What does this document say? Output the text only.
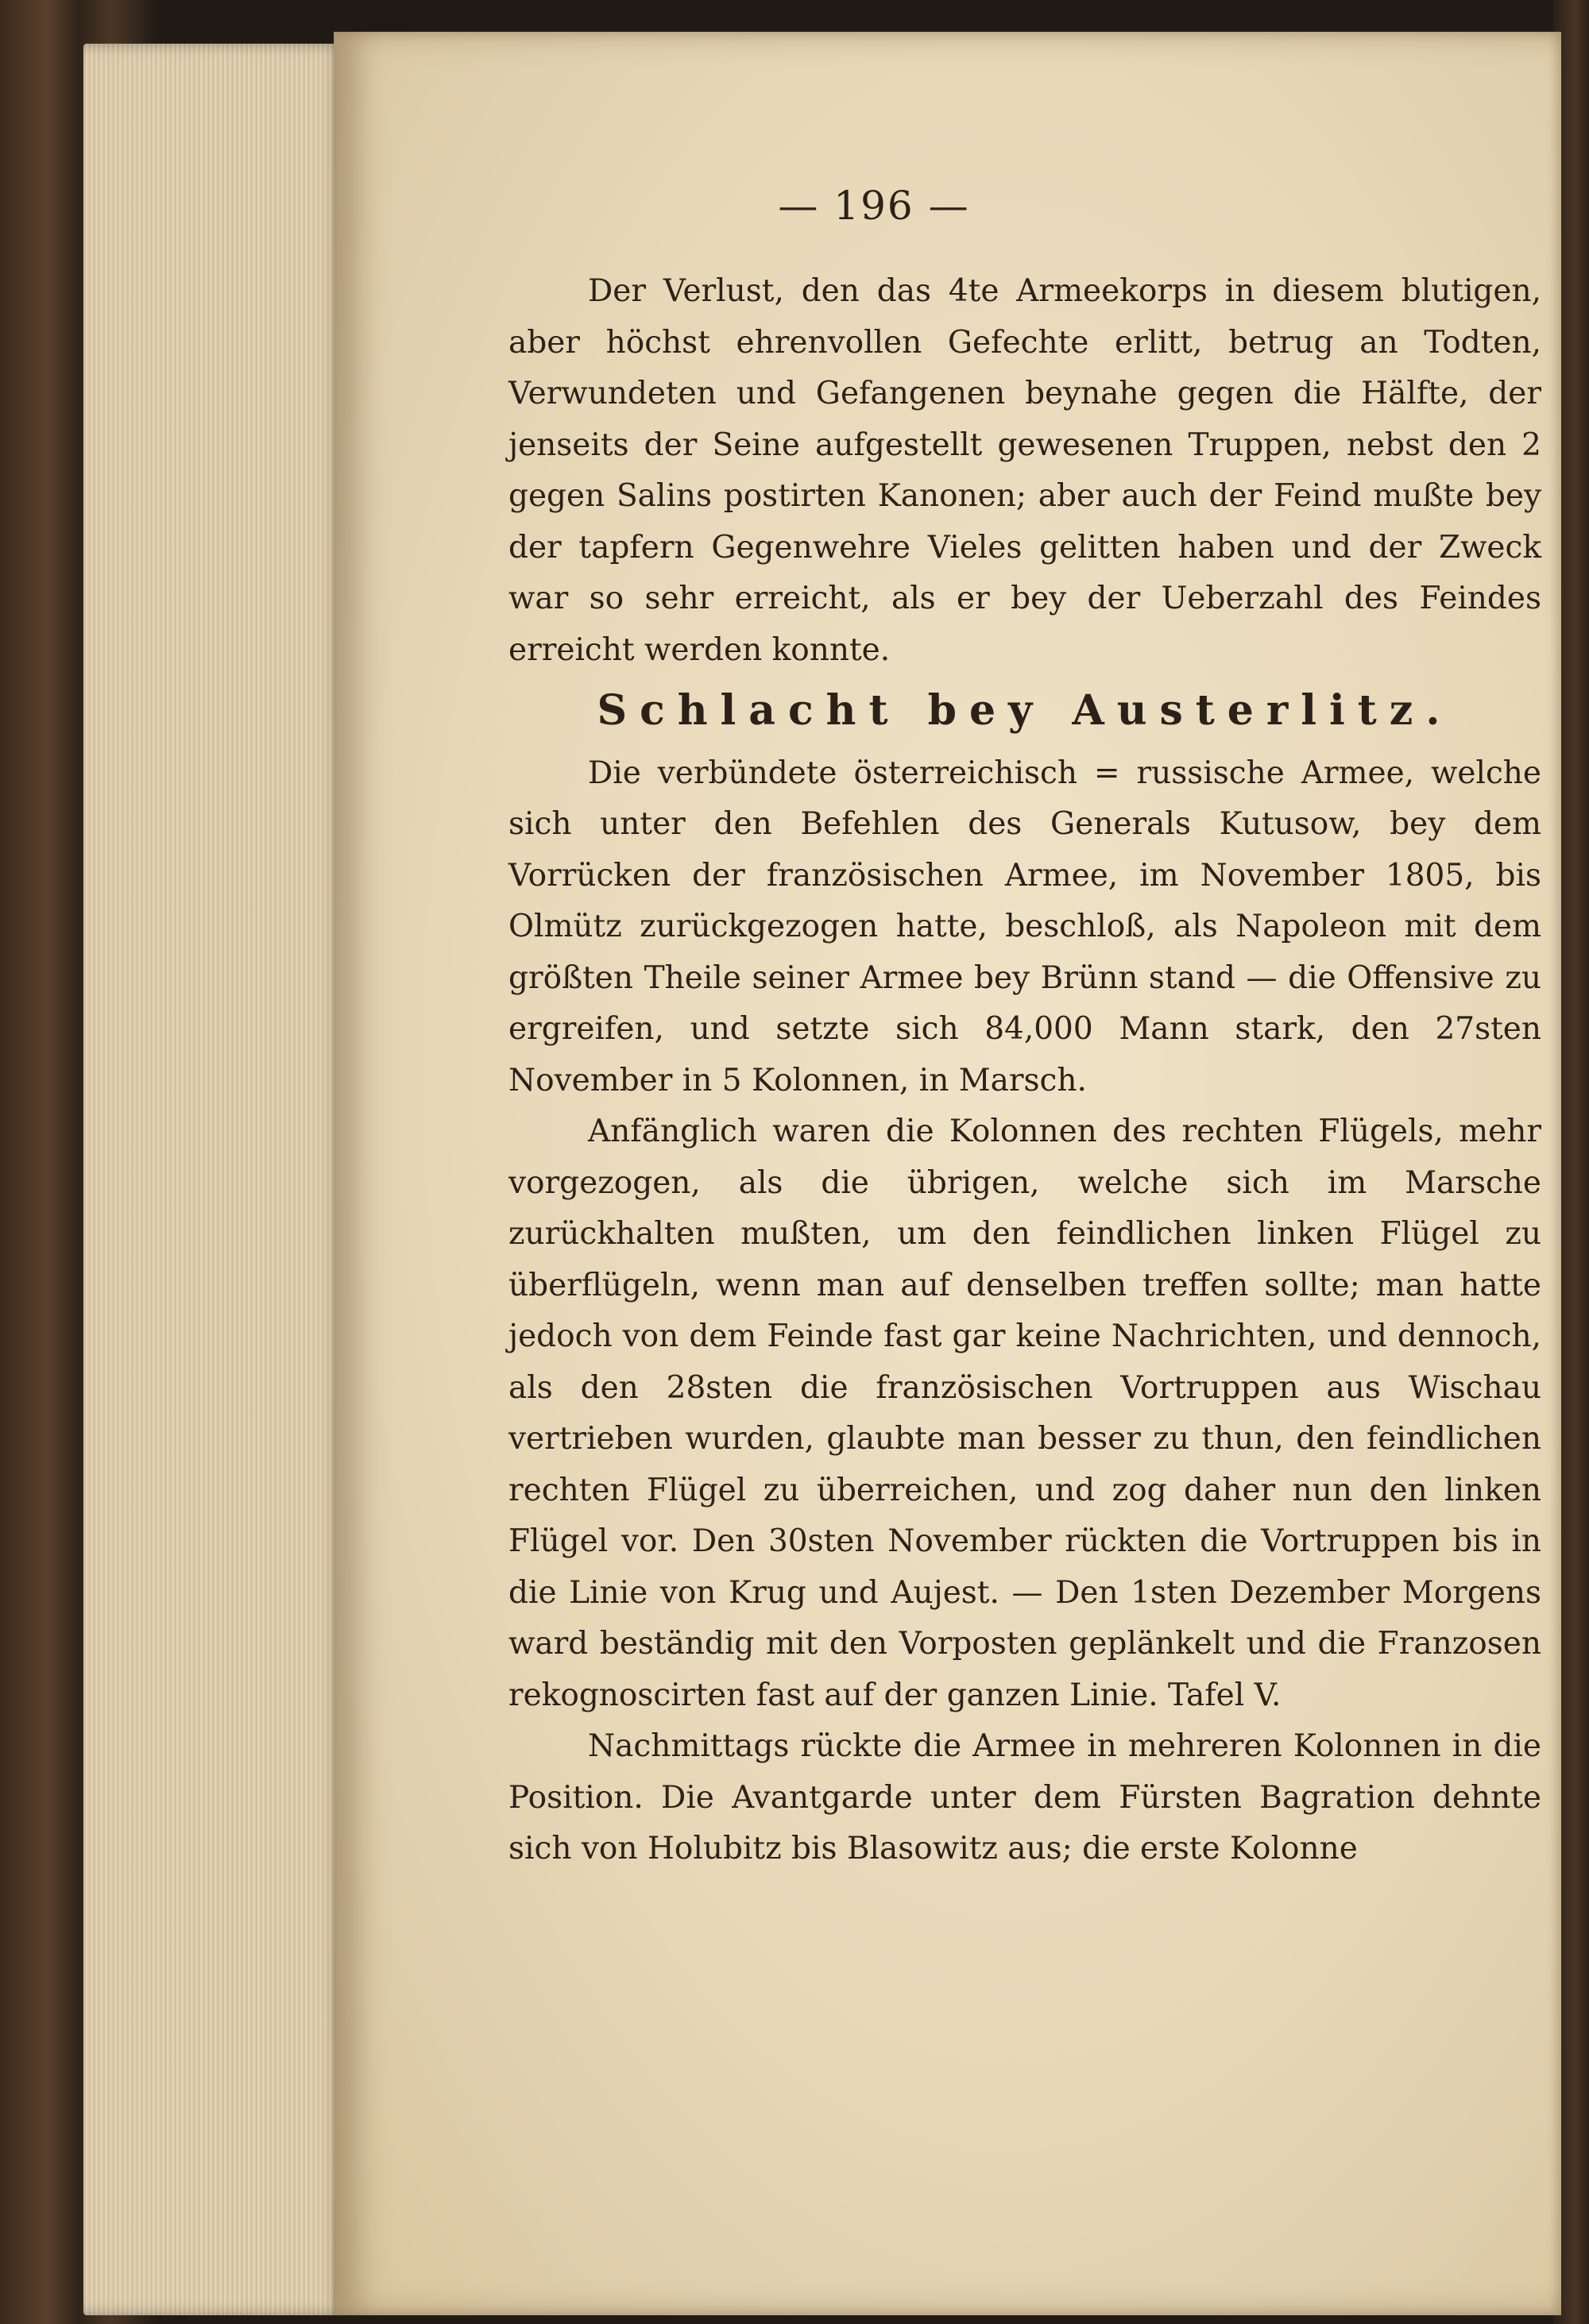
— 196 —

Der Verlust, den das 4te Armeekorps in diesem blutigen, aber höchst ehrenvollen Gefechte erlitt, betrug an Todten, Verwundeten und Gefangenen beynahe gegen die Hälfte, der jenseits der Seine aufgestellt gewesenen Truppen, nebst den 2 gegen Salins postirten Kanonen; aber auch der Feind mußte bey der tapfern Gegenwehre Vieles gelitten haben und der Zweck war so sehr erreicht, als er bey der Ueberzahl des Feindes erreicht werden konnte.

Schlacht bey Austerlitz.

Die verbündete österreichisch = russische Armee, welche sich unter den Befehlen des Generals Kutusow, bey dem Vorrücken der französischen Armee, im November 1805, bis Olmütz zurückgezogen hatte, beschloß, als Napoleon mit dem größten Theile seiner Armee bey Brünn stand — die Offensive zu ergreifen, und setzte sich 84,000 Mann stark, den 27sten November in 5 Kolonnen, in Marsch.

Anfänglich waren die Kolonnen des rechten Flügels, mehr vorgezogen, als die übrigen, welche sich im Marsche zurückhalten mußten, um den feindlichen linken Flügel zu überflügeln, wenn man auf denselben treffen sollte; man hatte jedoch von dem Feinde fast gar keine Nachrichten, und dennoch, als den 28sten die französischen Vortruppen aus Wischau vertrieben wurden, glaubte man besser zu thun, den feindlichen rechten Flügel zu überreichen, und zog daher nun den linken Flügel vor. Den 30sten November rückten die Vortruppen bis in die Linie von Krug und Aujest. — Den 1sten Dezember Morgens ward beständig mit den Vorposten geplänkelt und die Franzosen rekognoscirten fast auf der ganzen Linie. Tafel V.

Nachmittags rückte die Armee in mehreren Kolonnen in die Position. Die Avantgarde unter dem Fürsten Bagration dehnte sich von Holubitz bis Blasowitz aus; die erste Kolonne
